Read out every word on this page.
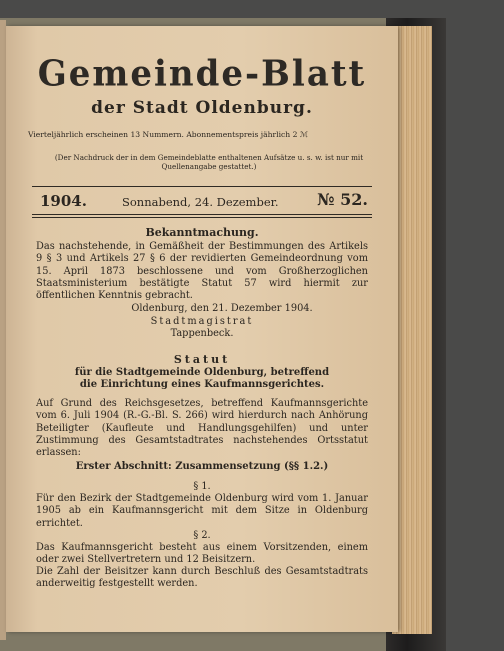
Gemeinde-Blatt
der Stadt Oldenburg.
Vierteljährlich erscheinen 13 Nummern. Abonnementspreis jährlich 2 ℳ
(Der Nachdruck der in dem Gemeindeblatte enthaltenen Aufsätze u. s. w. ist nur mit Quellenangabe gestattet.)
1904.	Sonnabend, 24. Dezember. № 52.
Bekanntmachung.
Das nachstehende, in Gemäßheit der Bestimmungen des Artikels 9 § 3 und Artikels 27 § 6 der revidierten Gemeindeordnung vom 15. April 1873 beschlossene und vom Großherzoglichen Staatsministerium bestätigte Statut 57 wird hiermit zur öffentlichen Kenntnis gebracht.
Oldenburg, den 21. Dezember 1904.
Stadtmagistrat
Tappenbeck.
Statut
für die Stadtgemeinde Oldenburg, betreffend die Einrichtung eines Kaufmannsgerichtes.
Auf Grund des Reichsgesetzes, betreffend Kaufmannsgerichte vom 6. Juli 1904 (R.-G.-Bl. S. 266) wird hierdurch nach Anhörung Beteiligter (Kaufleute und Handlungsgehilfen) und unter Zustimmung des Gesamtstadtrates nachstehendes Ortsstatut erlassen:
Erster Abschnitt: Zusammensetzung (§§ 1.2.)
§ 1.
Für den Bezirk der Stadtgemeinde Oldenburg wird vom 1. Januar 1905 ab ein Kaufmannsgericht mit dem Sitze in Oldenburg errichtet.
§ 2.
Das Kaufmannsgericht besteht aus einem Vorsitzenden, einem oder zwei Stellvertretern und 12 Beisitzern.
Die Zahl der Beisitzer kann durch Beschluß des Gesamtstadtrats anderweitig festgestellt werden.
